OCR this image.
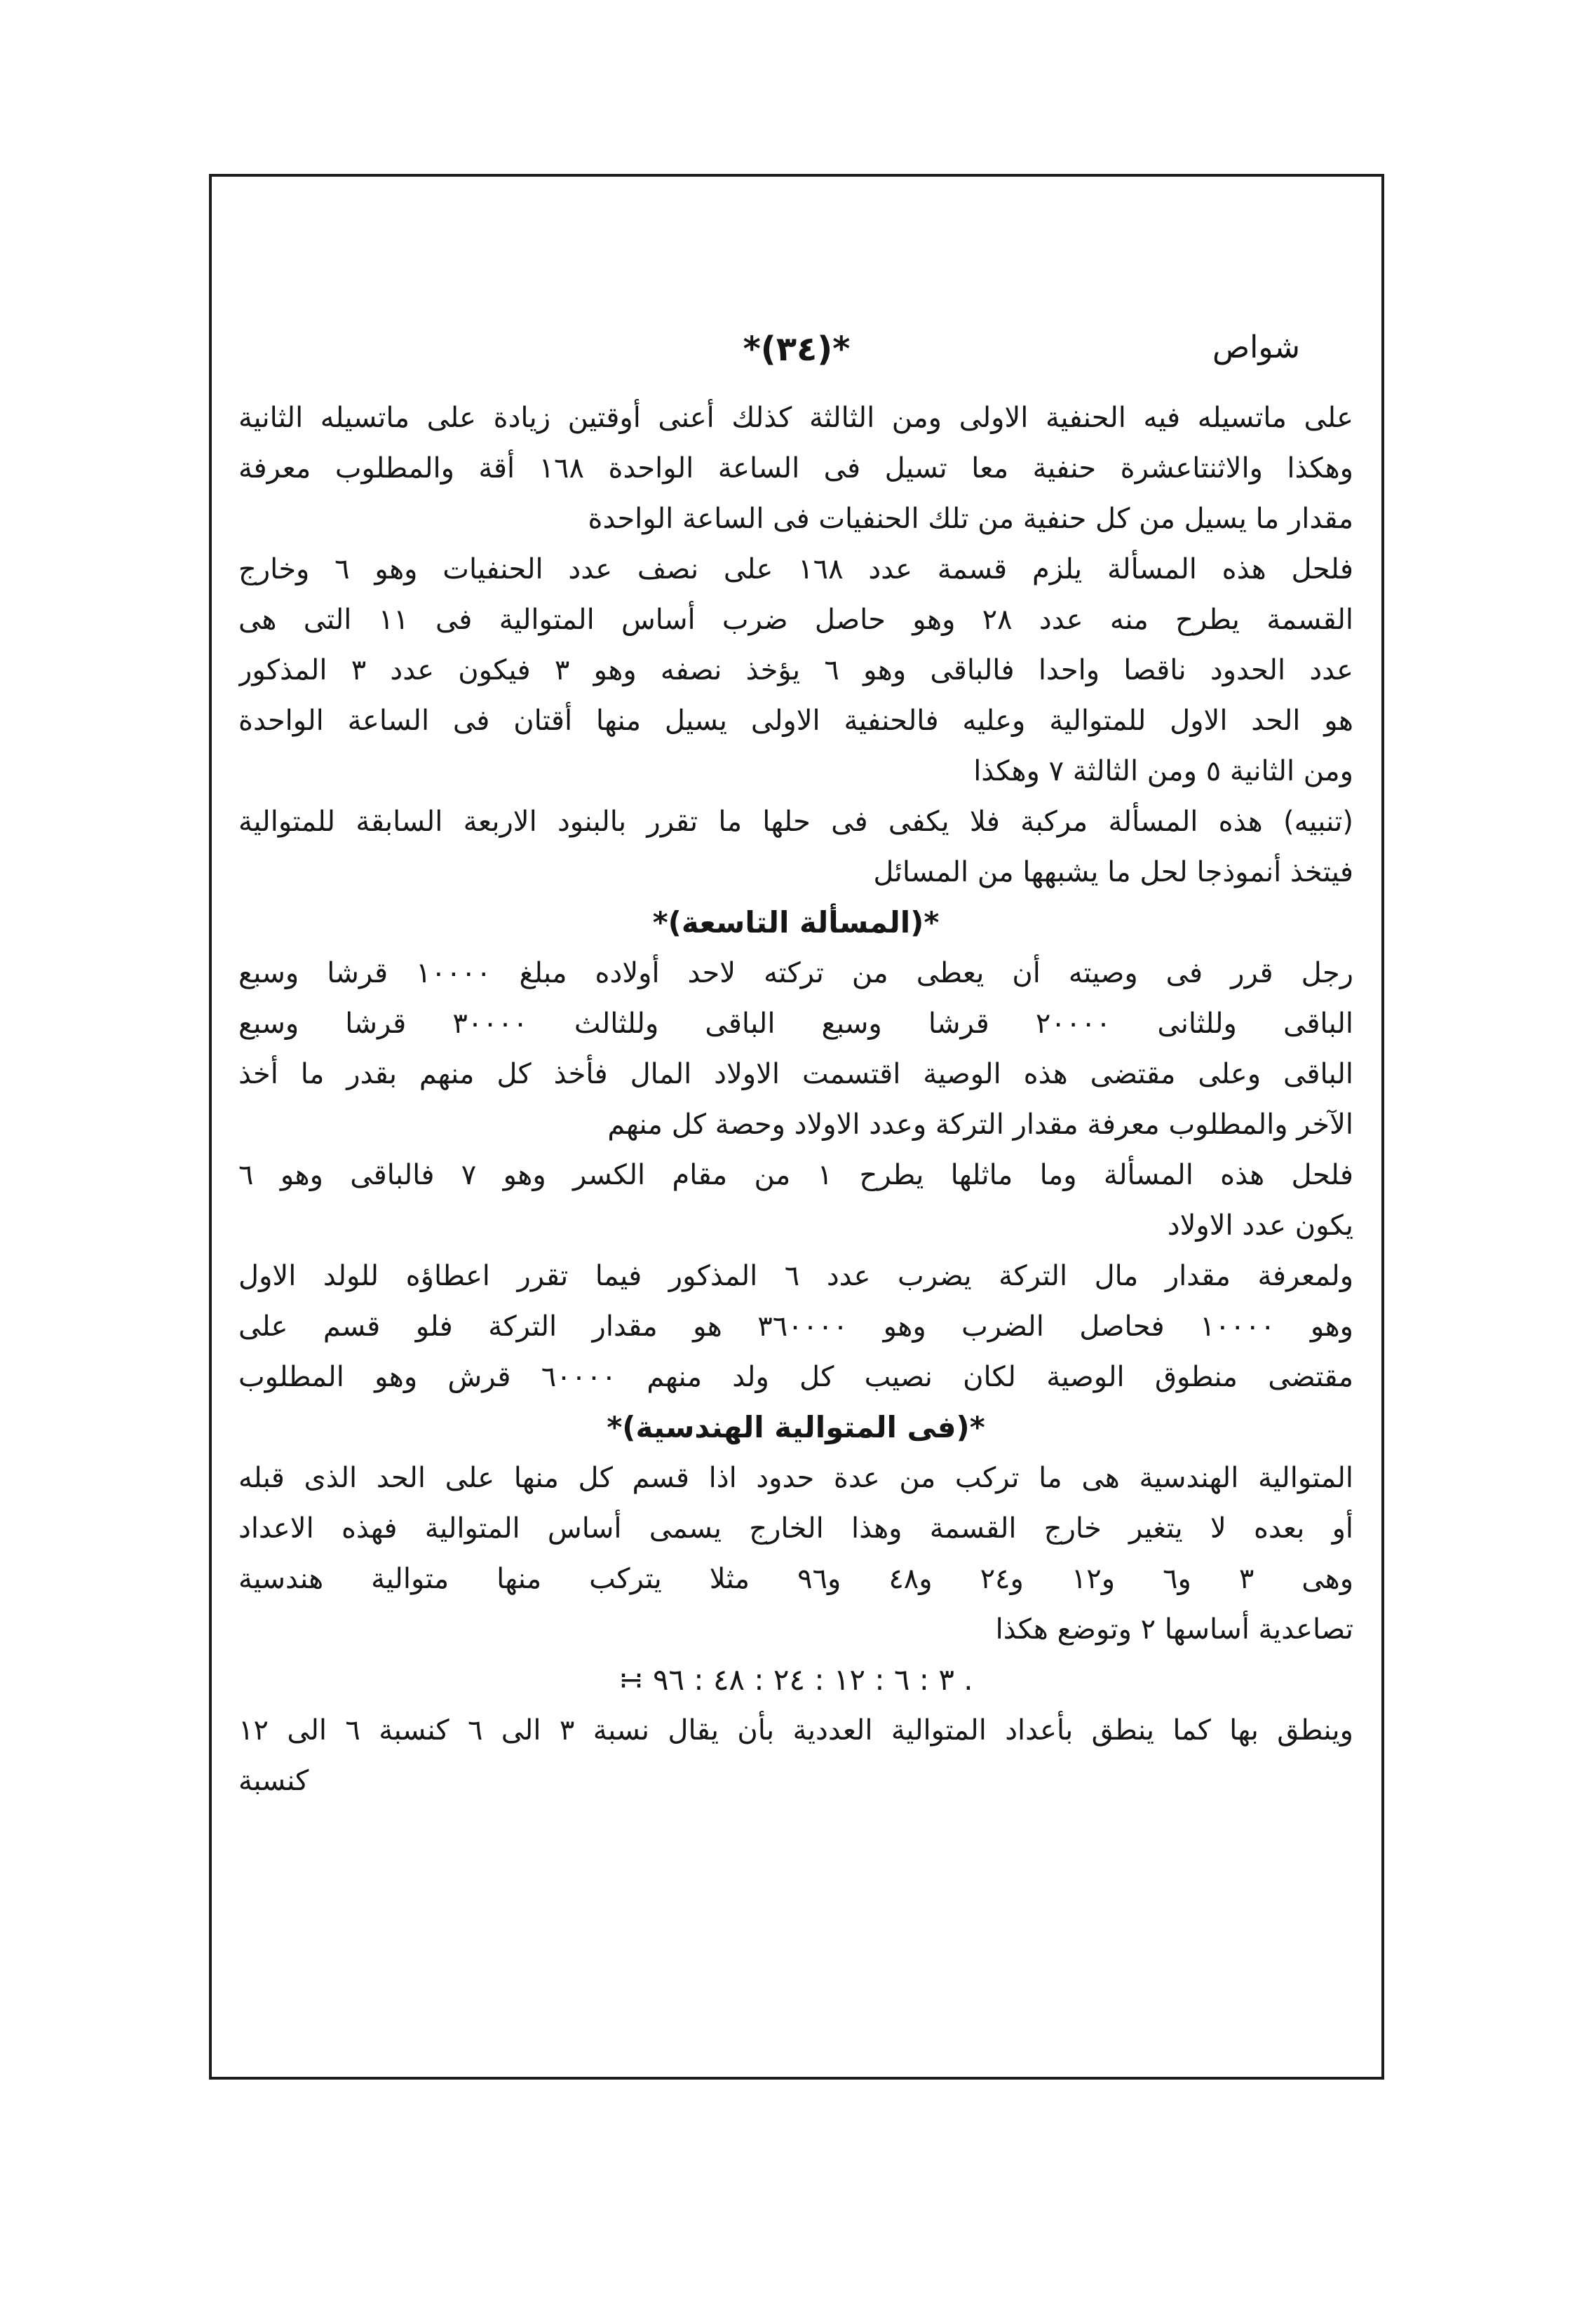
*(٣٤)*	شواص
على ماتسيله فيه الحنفية الاولى ومن الثالثة كذلك أعنى أوقتين زيادة على ماتسيله الثانية
وهكذا والاثنتاعشرة حنفية معا تسيل فى الساعة الواحدة ١٦٨ أقة والمطلوب معرفة
مقدار ما يسيل من كل حنفية من تلك الحنفيات فى الساعة الواحدة
فلحل هذه المسألة يلزم قسمة عدد ١٦٨ على نصف عدد الحنفيات وهو ٦ وخارج
القسمة يطرح منه عدد ٢٨ وهو حاصل ضرب أساس المتوالية فى ١١ التى هى
عدد الحدود ناقصا واحدا فالباقى وهو ٦ يؤخذ نصفه وهو ٣ فيكون عدد ٣ المذكور
هو الحد الاول للمتوالية وعليه فالحنفية الاولى يسيل منها أقتان فى الساعة الواحدة
ومن الثانية ٥ ومن الثالثة ٧ وهكذا
(تنبيه) هذه المسألة مركبة فلا يكفى فى حلها ما تقرر بالبنود الاربعة السابقة للمتوالية
فيتخذ أنموذجا لحل ما يشبهها من المسائل
*(المسألة التاسعة)*
رجل قرر فى وصيته أن يعطى من تركته لاحد أولاده مبلغ ١٠٠٠٠ قرشا وسبع
الباقى وللثانى ٢٠٠٠٠ قرشا وسبع الباقى وللثالث ٣٠٠٠٠ قرشا وسبع
الباقى وعلى مقتضى هذه الوصية اقتسمت الاولاد المال فأخذ كل منهم بقدر ما أخذ
الآخر والمطلوب معرفة مقدار التركة وعدد الاولاد وحصة كل منهم
فلحل هذه المسألة وما ماثلها يطرح ١ من مقام الكسر وهو ٧ فالباقى وهو ٦
يكون عدد الاولاد
ولمعرفة مقدار مال التركة يضرب عدد ٦ المذكور فيما تقرر اعطاؤه للولد الاول
وهو ١٠٠٠٠ فحاصل الضرب وهو ٣٦٠٠٠٠ هو مقدار التركة فلو قسم على
مقتضى منطوق الوصية لكان نصيب كل ولد منهم ٦٠٠٠٠ قرش وهو المطلوب
*(فى المتوالية الهندسية)*
المتوالية الهندسية هى ما تركب من عدة حدود اذا قسم كل منها على الحد الذى قبله
أو بعده لا يتغير خارج القسمة وهذا الخارج يسمى أساس المتوالية فهذه الاعداد
وهى ٣ و٦ و١٢ و٢٤ و٤٨ و٩٦ مثلا يتركب منها متوالية هندسية
تصاعدية أساسها ٢ وتوضع هكذا
∺ ٣ : ٦ : ١٢ : ٢٤ : ٤٨ : ٩٦ .
وينطق بها كما ينطق بأعداد المتوالية العددية بأن يقال نسبة ٣ الى ٦ كنسبة ٦ الى ١٢
كنسبة
